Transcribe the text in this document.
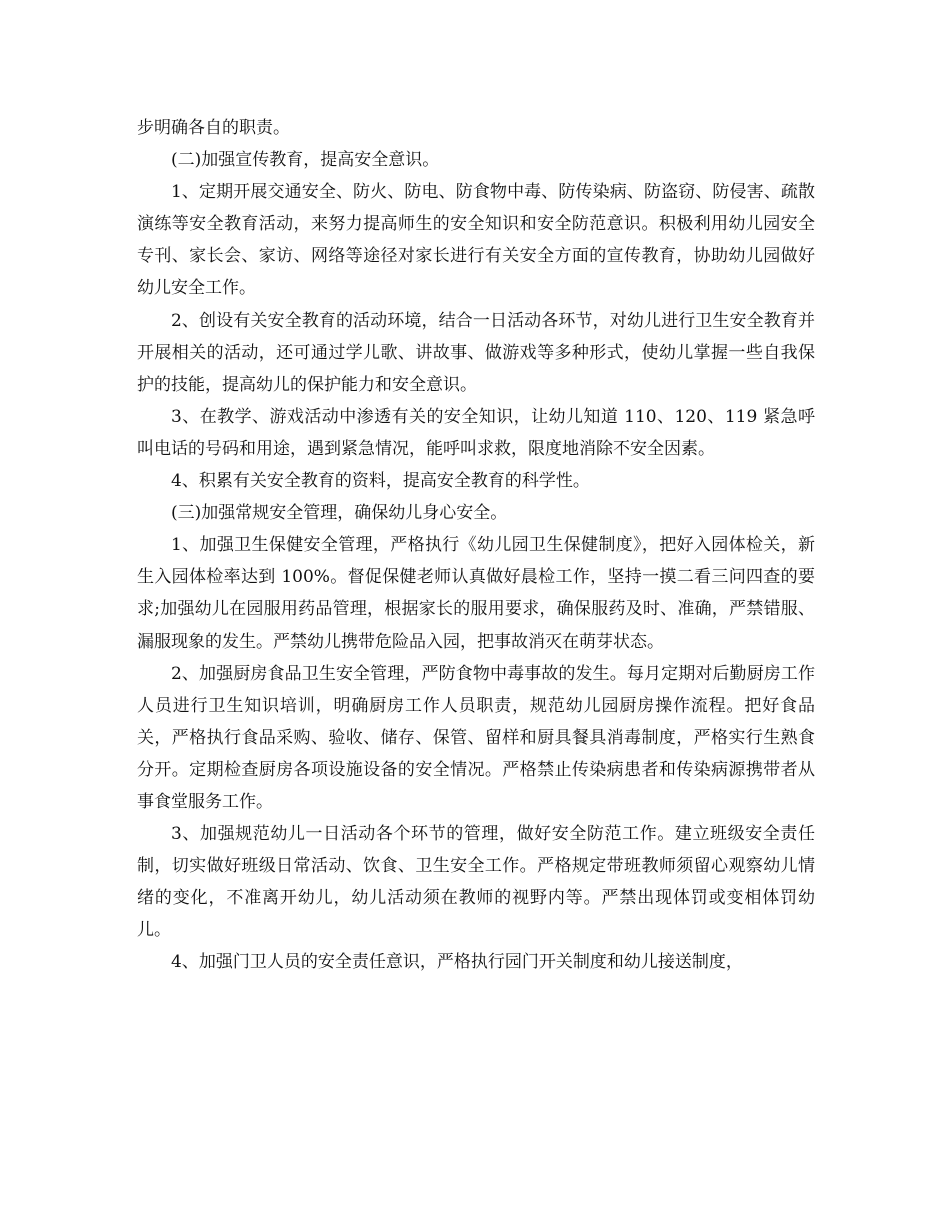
步明确各自的职责。

(二)加强宣传教育，提高安全意识。

1、定期开展交通安全、防火、防电、防食物中毒、防传染病、防盗窃、防侵害、疏散演练等安全教育活动，来努力提高师生的安全知识和安全防范意识。积极利用幼儿园安全专刊、家长会、家访、网络等途径对家长进行有关安全方面的宣传教育，协助幼儿园做好幼儿安全工作。

2、创设有关安全教育的活动环境，结合一日活动各环节，对幼儿进行卫生安全教育并开展相关的活动，还可通过学儿歌、讲故事、做游戏等多种形式，使幼儿掌握一些自我保护的技能，提高幼儿的保护能力和安全意识。

3、在教学、游戏活动中渗透有关的安全知识，让幼儿知道 110、120、119 紧急呼叫电话的号码和用途，遇到紧急情况，能呼叫求救，限度地消除不安全因素。

4、积累有关安全教育的资料，提高安全教育的科学性。

(三)加强常规安全管理，确保幼儿身心安全。

1、加强卫生保健安全管理，严格执行《幼儿园卫生保健制度》，把好入园体检关，新生入园体检率达到 100%。督促保健老师认真做好晨检工作，坚持一摸二看三问四查的要求;加强幼儿在园服用药品管理，根据家长的服用要求，确保服药及时、准确，严禁错服、漏服现象的发生。严禁幼儿携带危险品入园，把事故消灭在萌芽状态。

2、加强厨房食品卫生安全管理，严防食物中毒事故的发生。每月定期对后勤厨房工作人员进行卫生知识培训，明确厨房工作人员职责，规范幼儿园厨房操作流程。把好食品关，严格执行食品采购、验收、储存、保管、留样和厨具餐具消毒制度，严格实行生熟食分开。定期检查厨房各项设施设备的安全情况。严格禁止传染病患者和传染病源携带者从事食堂服务工作。

3、加强规范幼儿一日活动各个环节的管理，做好安全防范工作。建立班级安全责任制，切实做好班级日常活动、饮食、卫生安全工作。严格规定带班教师须留心观察幼儿情绪的变化，不准离开幼儿，幼儿活动须在教师的视野内等。严禁出现体罚或变相体罚幼儿。

4、加强门卫人员的安全责任意识，严格执行园门开关制度和幼儿接送制度，
